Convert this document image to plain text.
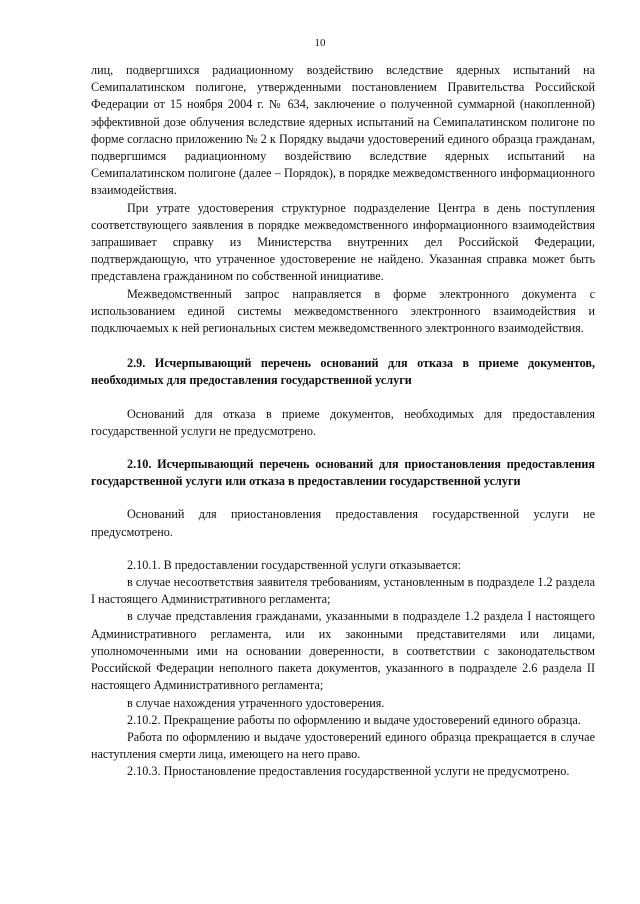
10

лиц, подвергшихся радиационному воздействию вследствие ядерных испытаний на Семипалатинском полигоне, утвержденными постановлением Правительства Российской Федерации от 15 ноября 2004 г. № 634, заключение о полученной суммарной (накопленной) эффективной дозе облучения вследствие ядерных испытаний на Семипалатинском полигоне по форме согласно приложению № 2 к Порядку выдачи удостоверений единого образца гражданам, подвергшимся радиационному воздействию вследствие ядерных испытаний на Семипалатинском полигоне (далее – Порядок), в порядке межведомственного информационного взаимодействия.

При утрате удостоверения структурное подразделение Центра в день поступления соответствующего заявления в порядке межведомственного информационного взаимодействия запрашивает справку из Министерства внутренних дел Российской Федерации, подтверждающую, что утраченное удостоверение не найдено. Указанная справка может быть представлена гражданином по собственной инициативе.

Межведомственный запрос направляется в форме электронного документа с использованием единой системы межведомственного электронного взаимодействия и подключаемых к ней региональных систем межведомственного электронного взаимодействия.

2.9. Исчерпывающий перечень оснований для отказа в приеме документов, необходимых для предоставления государственной услуги

Оснований для отказа в приеме документов, необходимых для предоставления государственной услуги не предусмотрено.

2.10. Исчерпывающий перечень оснований для приостановления предоставления государственной услуги или отказа в предоставлении государственной услуги

Оснований для приостановления предоставления государственной услуги не предусмотрено.

2.10.1. В предоставлении государственной услуги отказывается:

в случае несоответствия заявителя требованиям, установленным в подразделе 1.2 раздела I настоящего Административного регламента;

в случае представления гражданами, указанными в подразделе 1.2 раздела I настоящего Административного регламента, или их законными представителями или лицами, уполномоченными ими на основании доверенности, в соответствии с законодательством Российской Федерации неполного пакета документов, указанного в подразделе 2.6 раздела II настоящего Административного регламента;

в случае нахождения утраченного удостоверения.

2.10.2. Прекращение работы по оформлению и выдаче удостоверений единого образца.

Работа по оформлению и выдаче удостоверений единого образца прекращается в случае наступления смерти лица, имеющего на него право.

2.10.3. Приостановление предоставления государственной услуги не предусмотрено.
